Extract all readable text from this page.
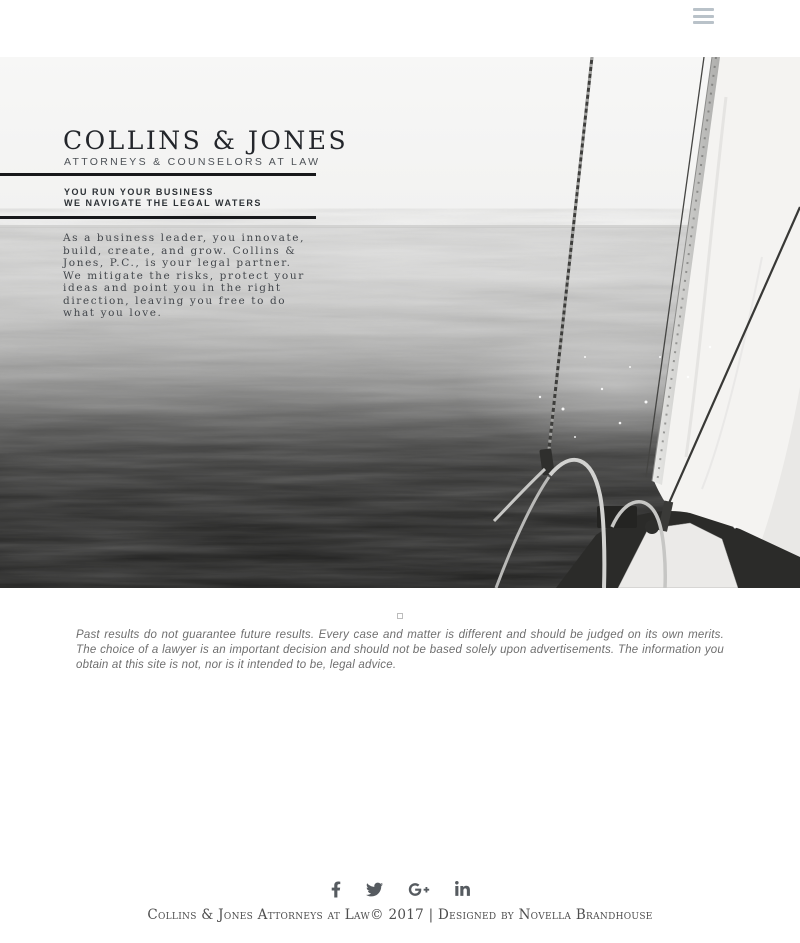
COLLINS & JONES
ATTORNEYS & COUNSELORS AT LAW
YOU RUN YOUR BUSINESS
WE NAVIGATE THE LEGAL WATERS

As a business leader, you innovate, build, create, and grow. Collins & Jones, P.C., is your legal partner. We mitigate the risks, protect your ideas and point you in the right direction, leaving you free to do what you love.

Past results do not guarantee future results. Every case and matter is different and should be judged on its own merits. The choice of a lawyer is an important decision and should not be based solely upon advertisements. The information you obtain at this site is not, nor is it intended to be, legal advice.

Collins & Jones Attorneys at Law© 2017 | Designed by Novella Brandhouse
